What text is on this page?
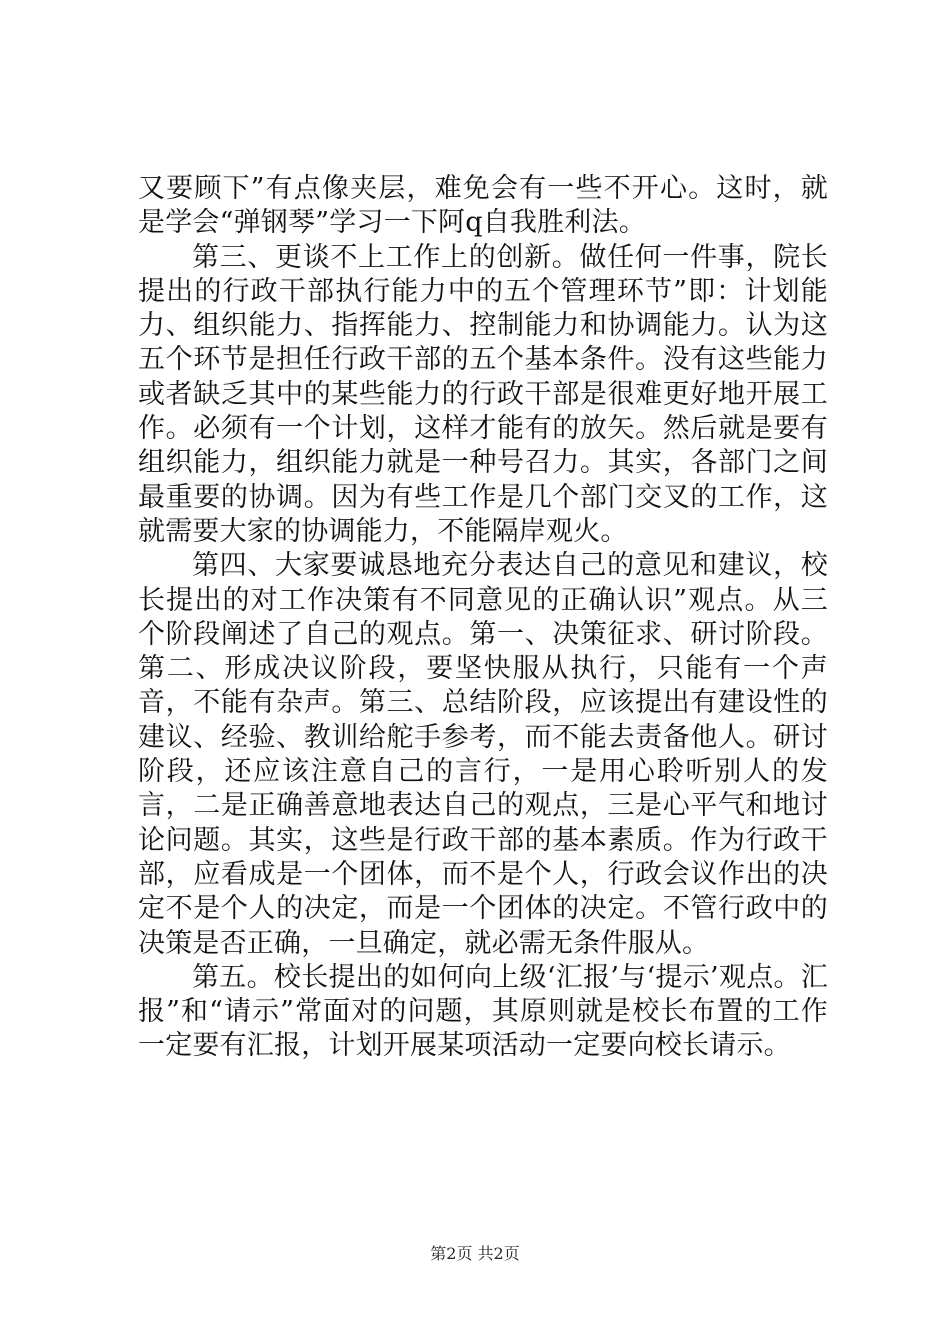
又要顾下”有点像夹层，难免会有一些不开心。这时，就是学会“弹钢琴”学习一下阿q自我胜利法。

第三、更谈不上工作上的创新。做任何一件事，院长提出的行政干部执行能力中的五个管理环节”即：计划能力、组织能力、指挥能力、控制能力和协调能力。认为这五个环节是担任行政干部的五个基本条件。没有这些能力或者缺乏其中的某些能力的行政干部是很难更好地开展工作。必须有一个计划，这样才能有的放矢。然后就是要有组织能力，组织能力就是一种号召力。其实，各部门之间最重要的协调。因为有些工作是几个部门交叉的工作，这就需要大家的协调能力，不能隔岸观火。

第四、大家要诚恳地充分表达自己的意见和建议，校长提出的对工作决策有不同意见的正确认识”观点。从三个阶段阐述了自己的观点。第一、决策征求、研讨阶段。第二、形成决议阶段，要坚快服从执行，只能有一个声音，不能有杂声。第三、总结阶段，应该提出有建设性的建议、经验、教训给舵手参考，而不能去责备他人。研讨阶段，还应该注意自己的言行，一是用心聆听别人的发言，二是正确善意地表达自己的观点，三是心平气和地讨论问题。其实，这些是行政干部的基本素质。作为行政干部，应看成是一个团体，而不是个人，行政会议作出的决定不是个人的决定，而是一个团体的决定。不管行政中的决策是否正确，一旦确定，就必需无条件服从。

第五。校长提出的如何向上级‘汇报’与‘提示’观点。汇报”和“请示”常面对的问题，其原则就是校长布置的工作一定要有汇报，计划开展某项活动一定要向校长请示。

第2页 共2页
